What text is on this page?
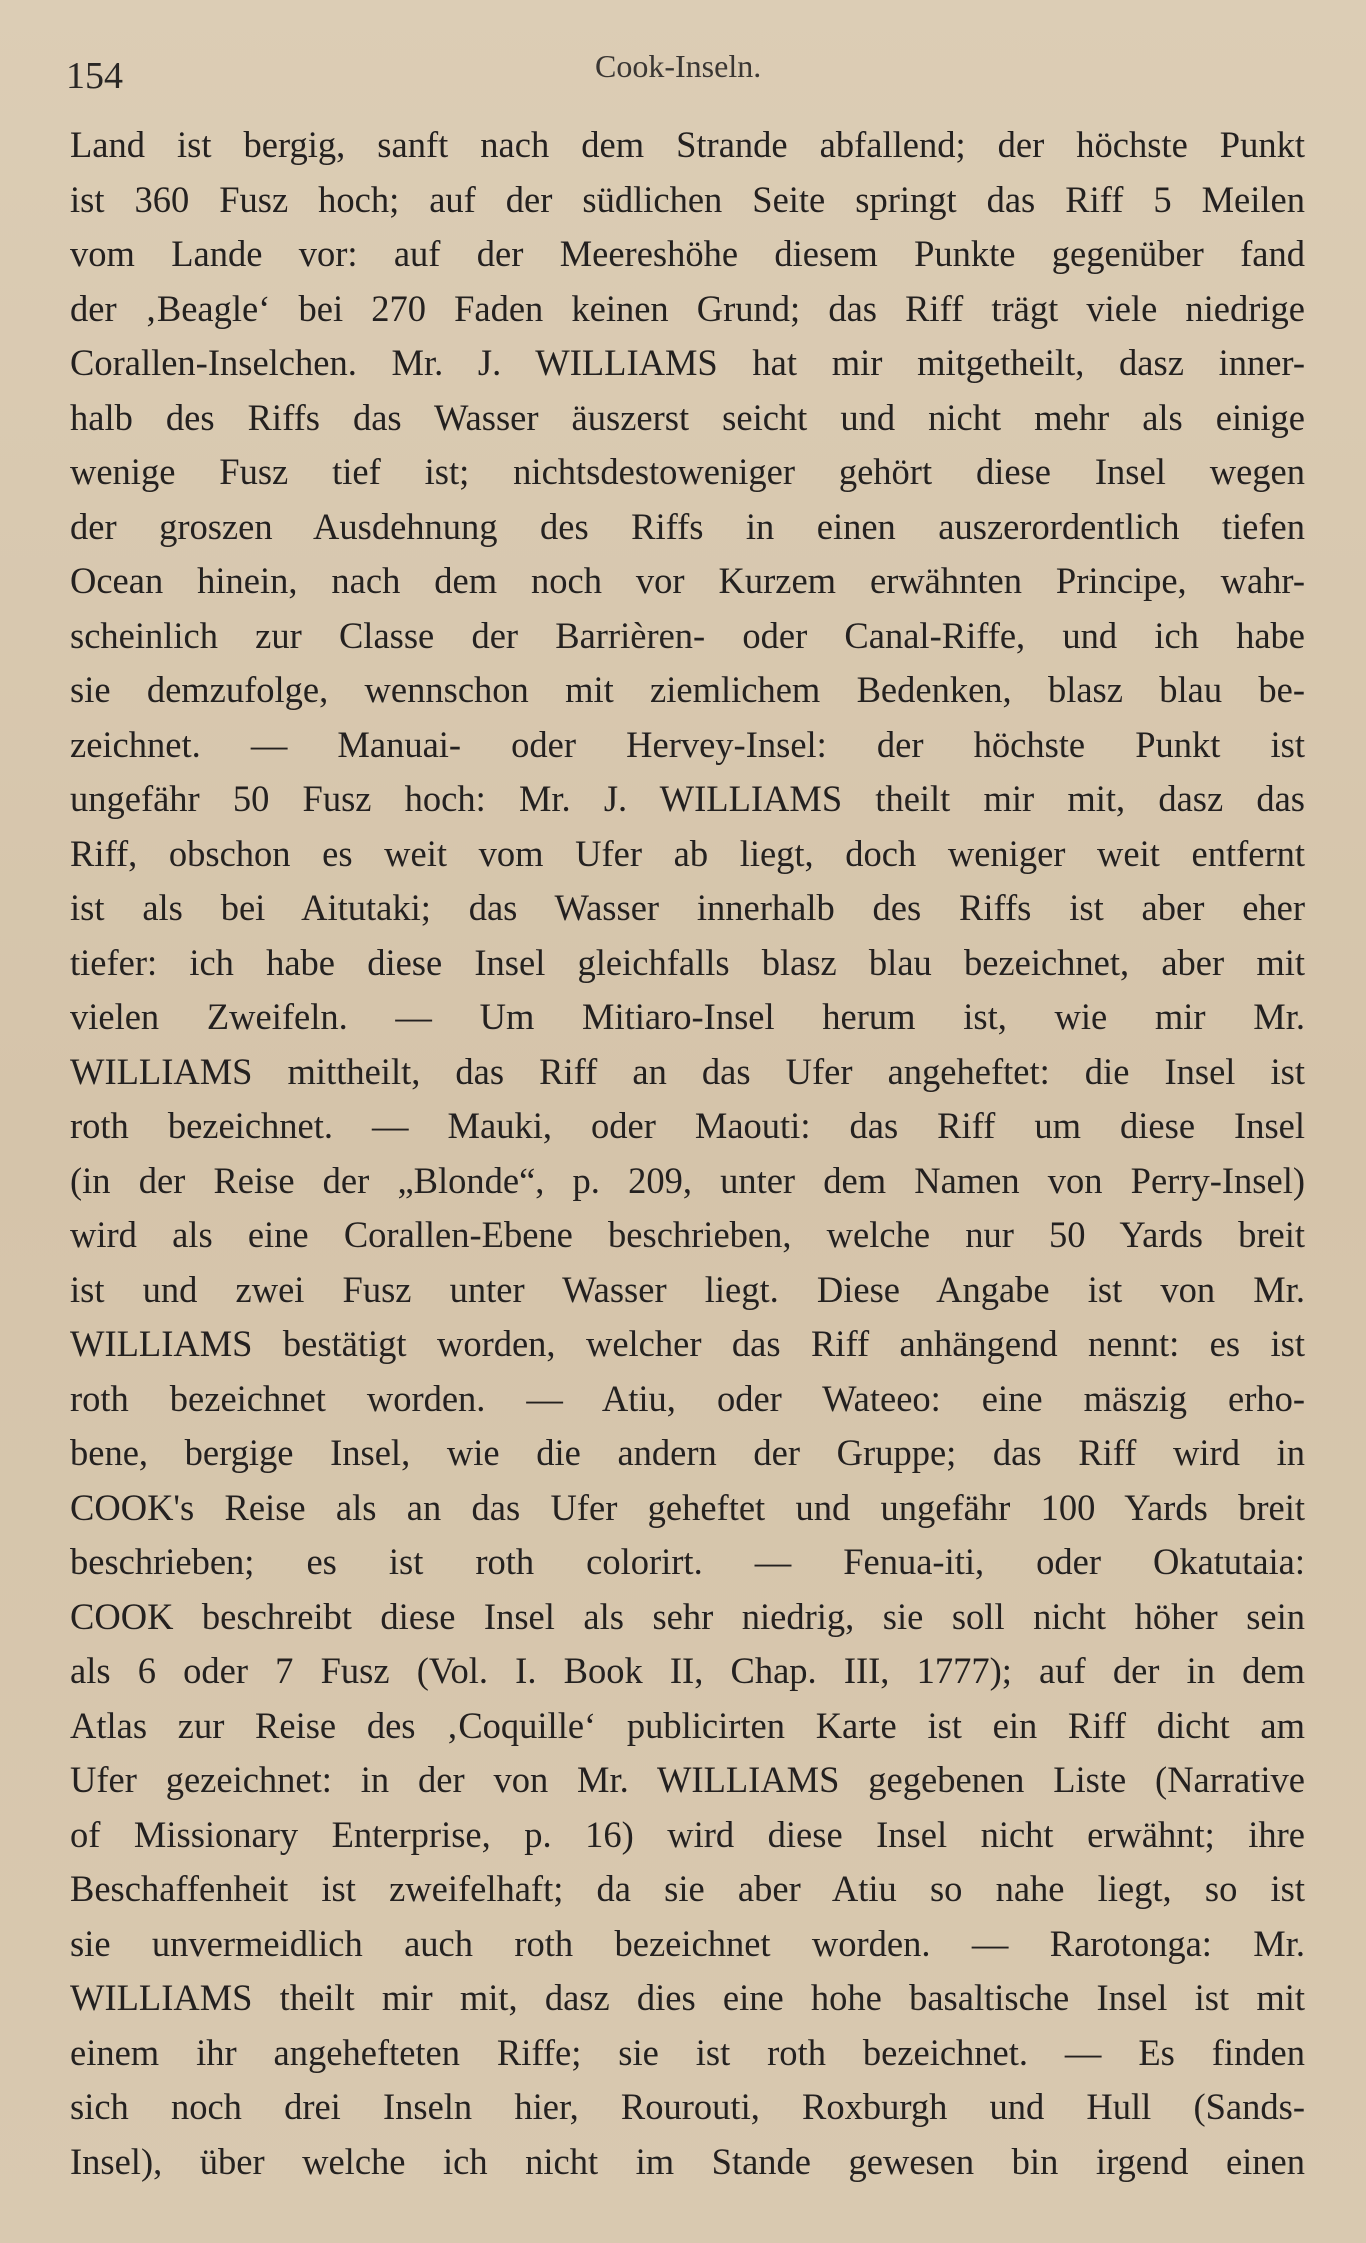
154	Cook-Inseln.
Land ist bergig, sanft nach dem Strande abfallend; der höchste Punkt
ist 360 Fusz hoch; auf der südlichen Seite springt das Riff 5 Meilen
vom Lande vor: auf der Meereshöhe diesem Punkte gegenüber fand
der ‚Beagle‘ bei 270 Faden keinen Grund; das Riff trägt viele niedrige
Corallen-Inselchen. Mr. J. WILLIAMS hat mir mitgetheilt, dasz inner-
halb des Riffs das Wasser äuszerst seicht und nicht mehr als einige
wenige Fusz tief ist; nichtsdestoweniger gehört diese Insel wegen
der groszen Ausdehnung des Riffs in einen auszerordentlich tiefen
Ocean hinein, nach dem noch vor Kurzem erwähnten Principe, wahr-
scheinlich zur Classe der Barrièren- oder Canal-Riffe, und ich habe
sie demzufolge, wennschon mit ziemlichem Bedenken, blasz blau be-
zeichnet. — Manuai- oder Hervey-Insel: der höchste Punkt ist
ungefähr 50 Fusz hoch: Mr. J. WILLIAMS theilt mir mit, dasz das
Riff, obschon es weit vom Ufer ab liegt, doch weniger weit entfernt
ist als bei Aitutaki; das Wasser innerhalb des Riffs ist aber eher
tiefer: ich habe diese Insel gleichfalls blasz blau bezeichnet, aber mit
vielen Zweifeln. — Um Mitiaro-Insel herum ist, wie mir Mr.
WILLIAMS mittheilt, das Riff an das Ufer angeheftet: die Insel ist
roth bezeichnet. — Mauki, oder Maouti: das Riff um diese Insel
(in der Reise der „Blonde“, p. 209, unter dem Namen von Perry-Insel)
wird als eine Corallen-Ebene beschrieben, welche nur 50 Yards breit
ist und zwei Fusz unter Wasser liegt. Diese Angabe ist von Mr.
WILLIAMS bestätigt worden, welcher das Riff anhängend nennt: es ist
roth bezeichnet worden. — Atiu, oder Wateeo: eine mäszig erho-
bene, bergige Insel, wie die andern der Gruppe; das Riff wird in
COOK's Reise als an das Ufer geheftet und ungefähr 100 Yards breit
beschrieben; es ist roth colorirt. — Fenua-iti, oder Okatutaia:
COOK beschreibt diese Insel als sehr niedrig, sie soll nicht höher sein
als 6 oder 7 Fusz (Vol. I. Book II, Chap. III, 1777); auf der in dem
Atlas zur Reise des ‚Coquille‘ publicirten Karte ist ein Riff dicht am
Ufer gezeichnet: in der von Mr. WILLIAMS gegebenen Liste (Narrative
of Missionary Enterprise, p. 16) wird diese Insel nicht erwähnt; ihre
Beschaffenheit ist zweifelhaft; da sie aber Atiu so nahe liegt, so ist
sie unvermeidlich auch roth bezeichnet worden. — Rarotonga: Mr.
WILLIAMS theilt mir mit, dasz dies eine hohe basaltische Insel ist mit
einem ihr angehefteten Riffe; sie ist roth bezeichnet. — Es finden
sich noch drei Inseln hier, Rourouti, Roxburgh und Hull (Sands-
Insel), über welche ich nicht im Stande gewesen bin irgend einen
